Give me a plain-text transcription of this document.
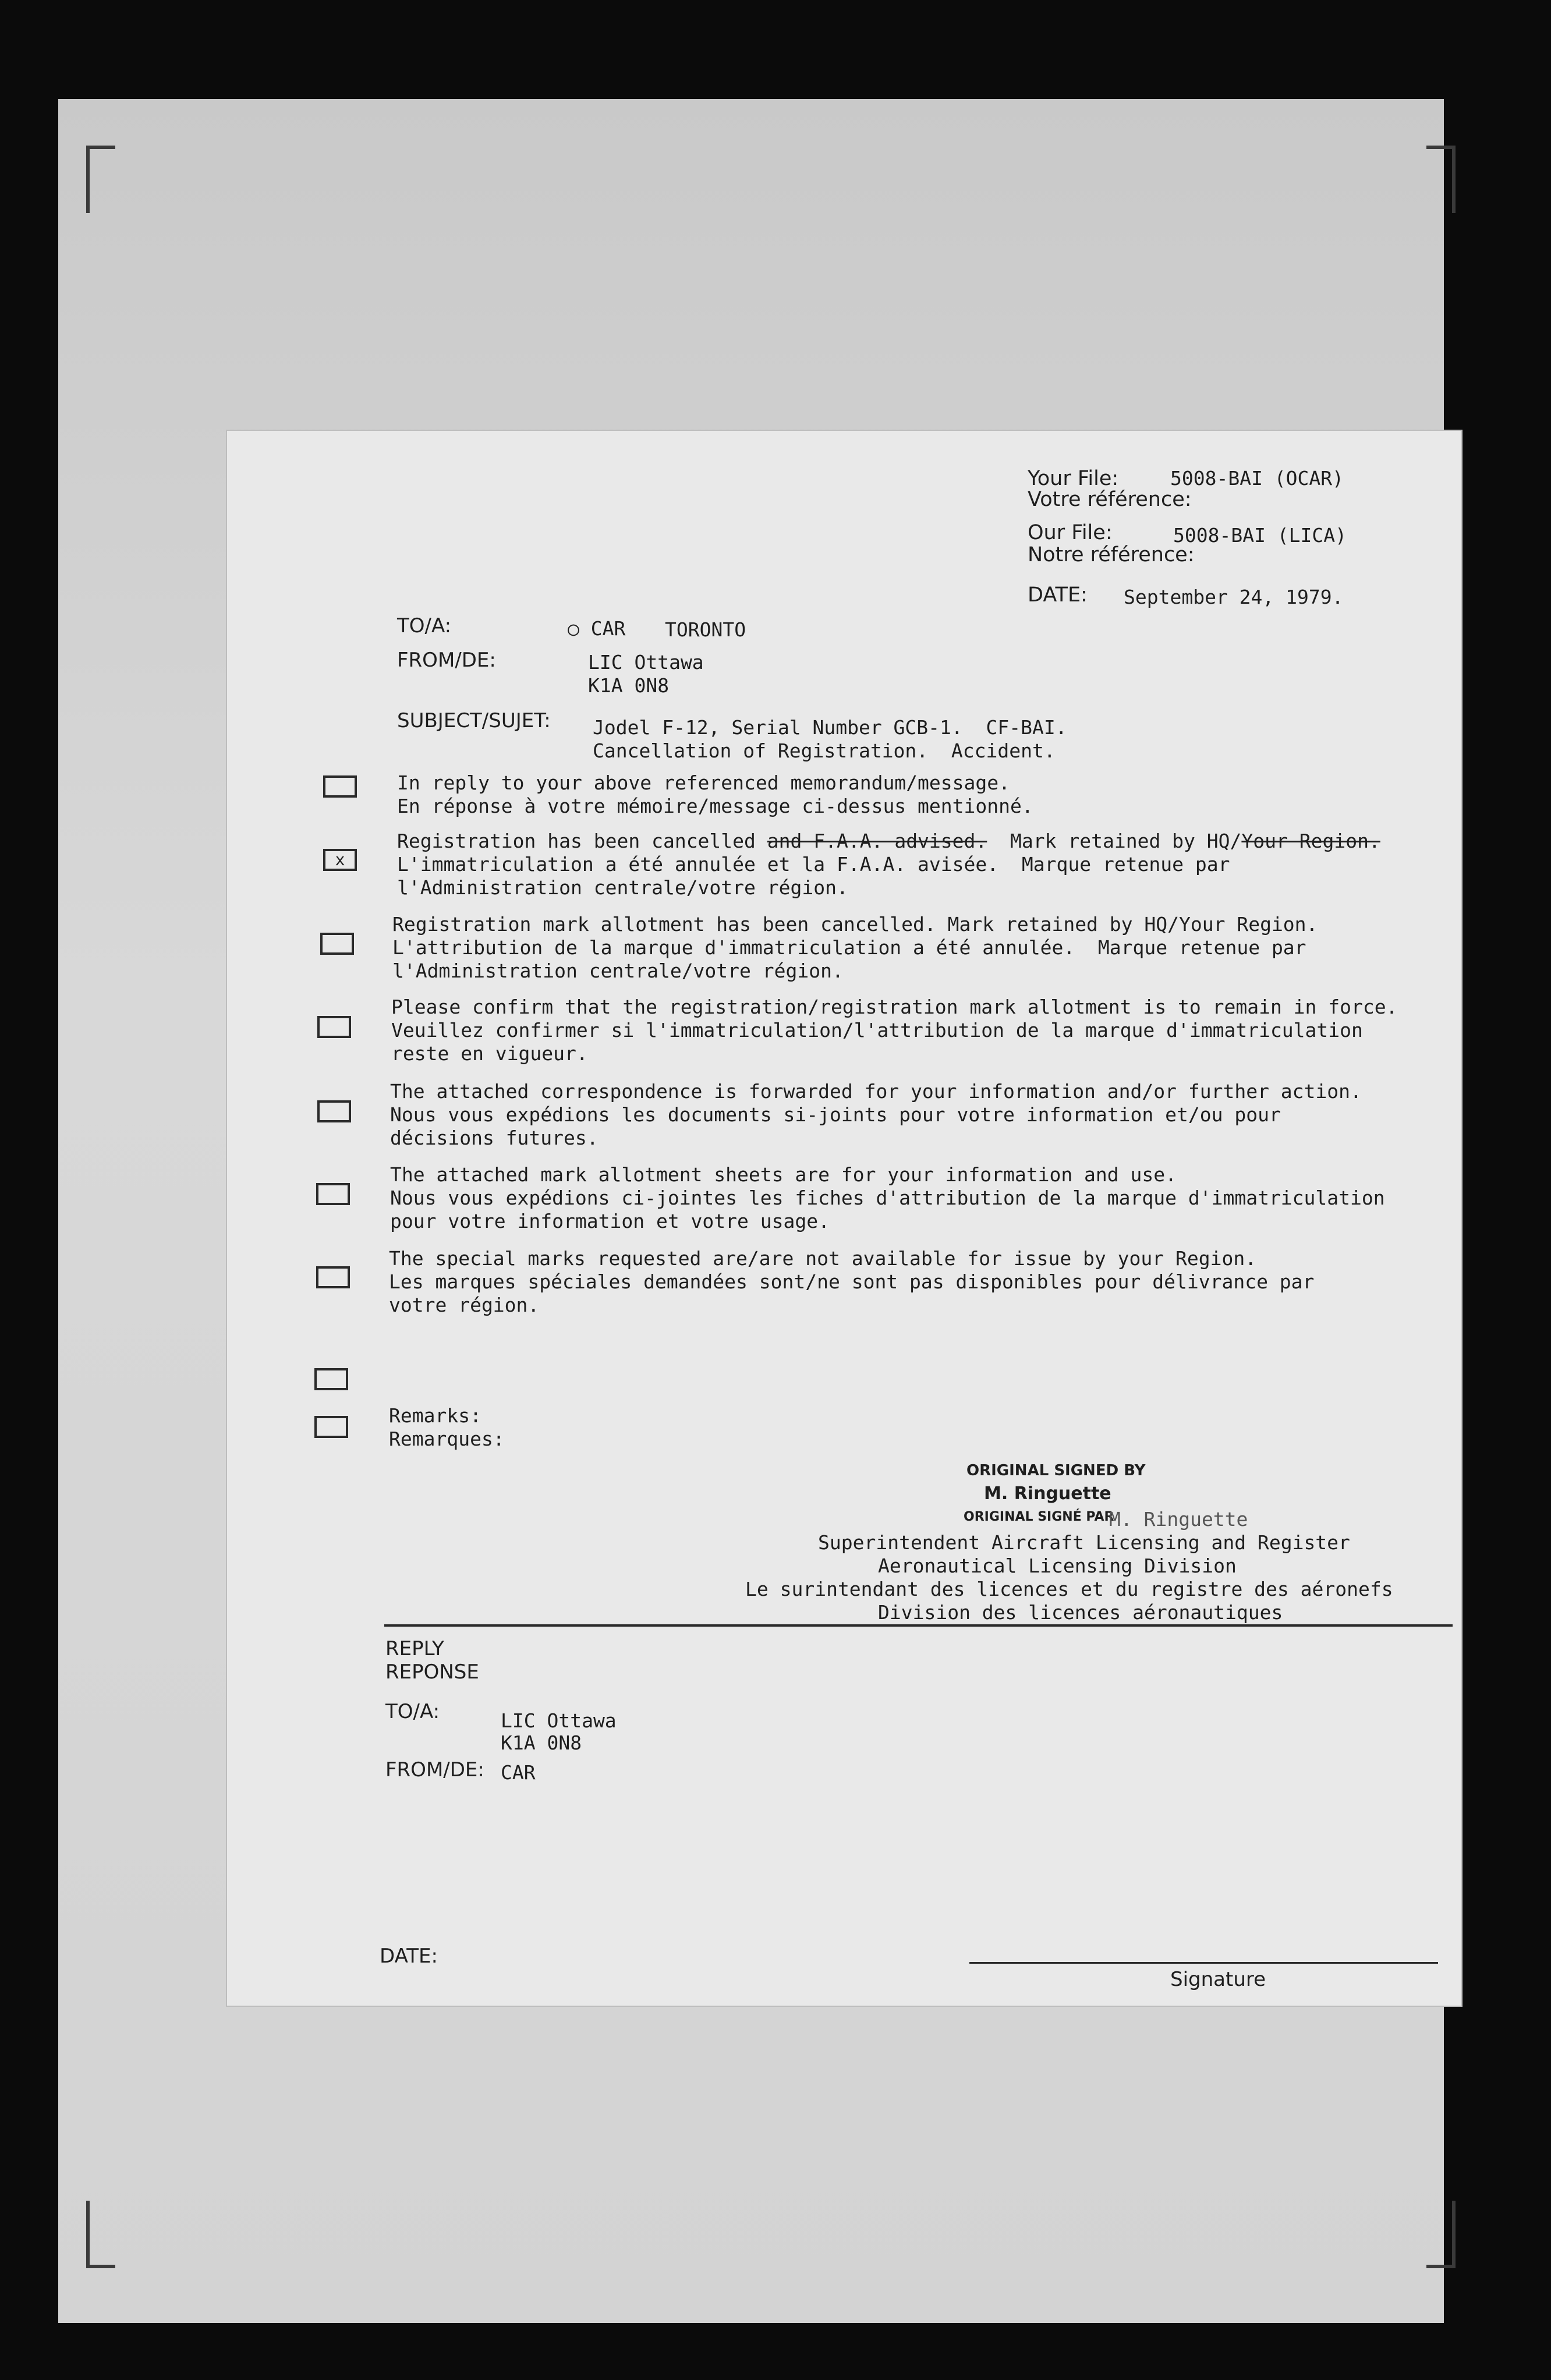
Your File:	5008-BAI (OCAR)
Votre référence:
Our File:	5008-BAI (LICA)
Notre référence:
DATE: September 24, 1979.
TO/A:	○ CAR TORONTO
FROM/DE:	LIC Ottawa
K1A 0N8
SUBJECT/SUJET: Jodel F-12, Serial Number GCB-1.  CF-BAI.
Cancellation of Registration.  Accident.
In reply to your above referenced memorandum/message.
En réponse à votre mémoire/message ci-dessus mentionné.
x
Registration has been cancelled and F.A.A. advised. Mark retained by HQ/Your Region.
L'immatriculation a été annulée et la F.A.A. avisée. Marque retenue par
l'Administration centrale/votre région.
Registration mark allotment has been cancelled. Mark retained by HQ/Your Region.
L'attribution de la marque d'immatriculation a été annulée.  Marque retenue par
l'Administration centrale/votre région.
Please confirm that the registration/registration mark allotment is to remain in force.
Veuillez confirmer si l'immatriculation/l'attribution de la marque d'immatriculation
reste en vigueur.
The attached correspondence is forwarded for your information and/or further action.
Nous vous expédions les documents si-joints pour votre information et/ou pour
décisions futures.
The attached mark allotment sheets are for your information and use.
Nous vous expédions ci-jointes les fiches d'attribution de la marque d'immatriculation
pour votre information et votre usage.
The special marks requested are/are not available for issue by your Region.
Les marques spéciales demandées sont/ne sont pas disponibles pour délivrance par
votre région.
Remarks:
Remarques:
ORIGINAL SIGNED BY
M. Ringuette
ORIGINAL SIGNÉ PAR
M. Ringuette
Superintendent Aircraft Licensing and Register
Aeronautical Licensing Division
Le surintendant des licences et du registre des aéronefs
Division des licences aéronautiques
REPLY
REPONSE
TO/A:	LIC Ottawa
K1A 0N8
FROM/DE: CAR
DATE:
Signature
